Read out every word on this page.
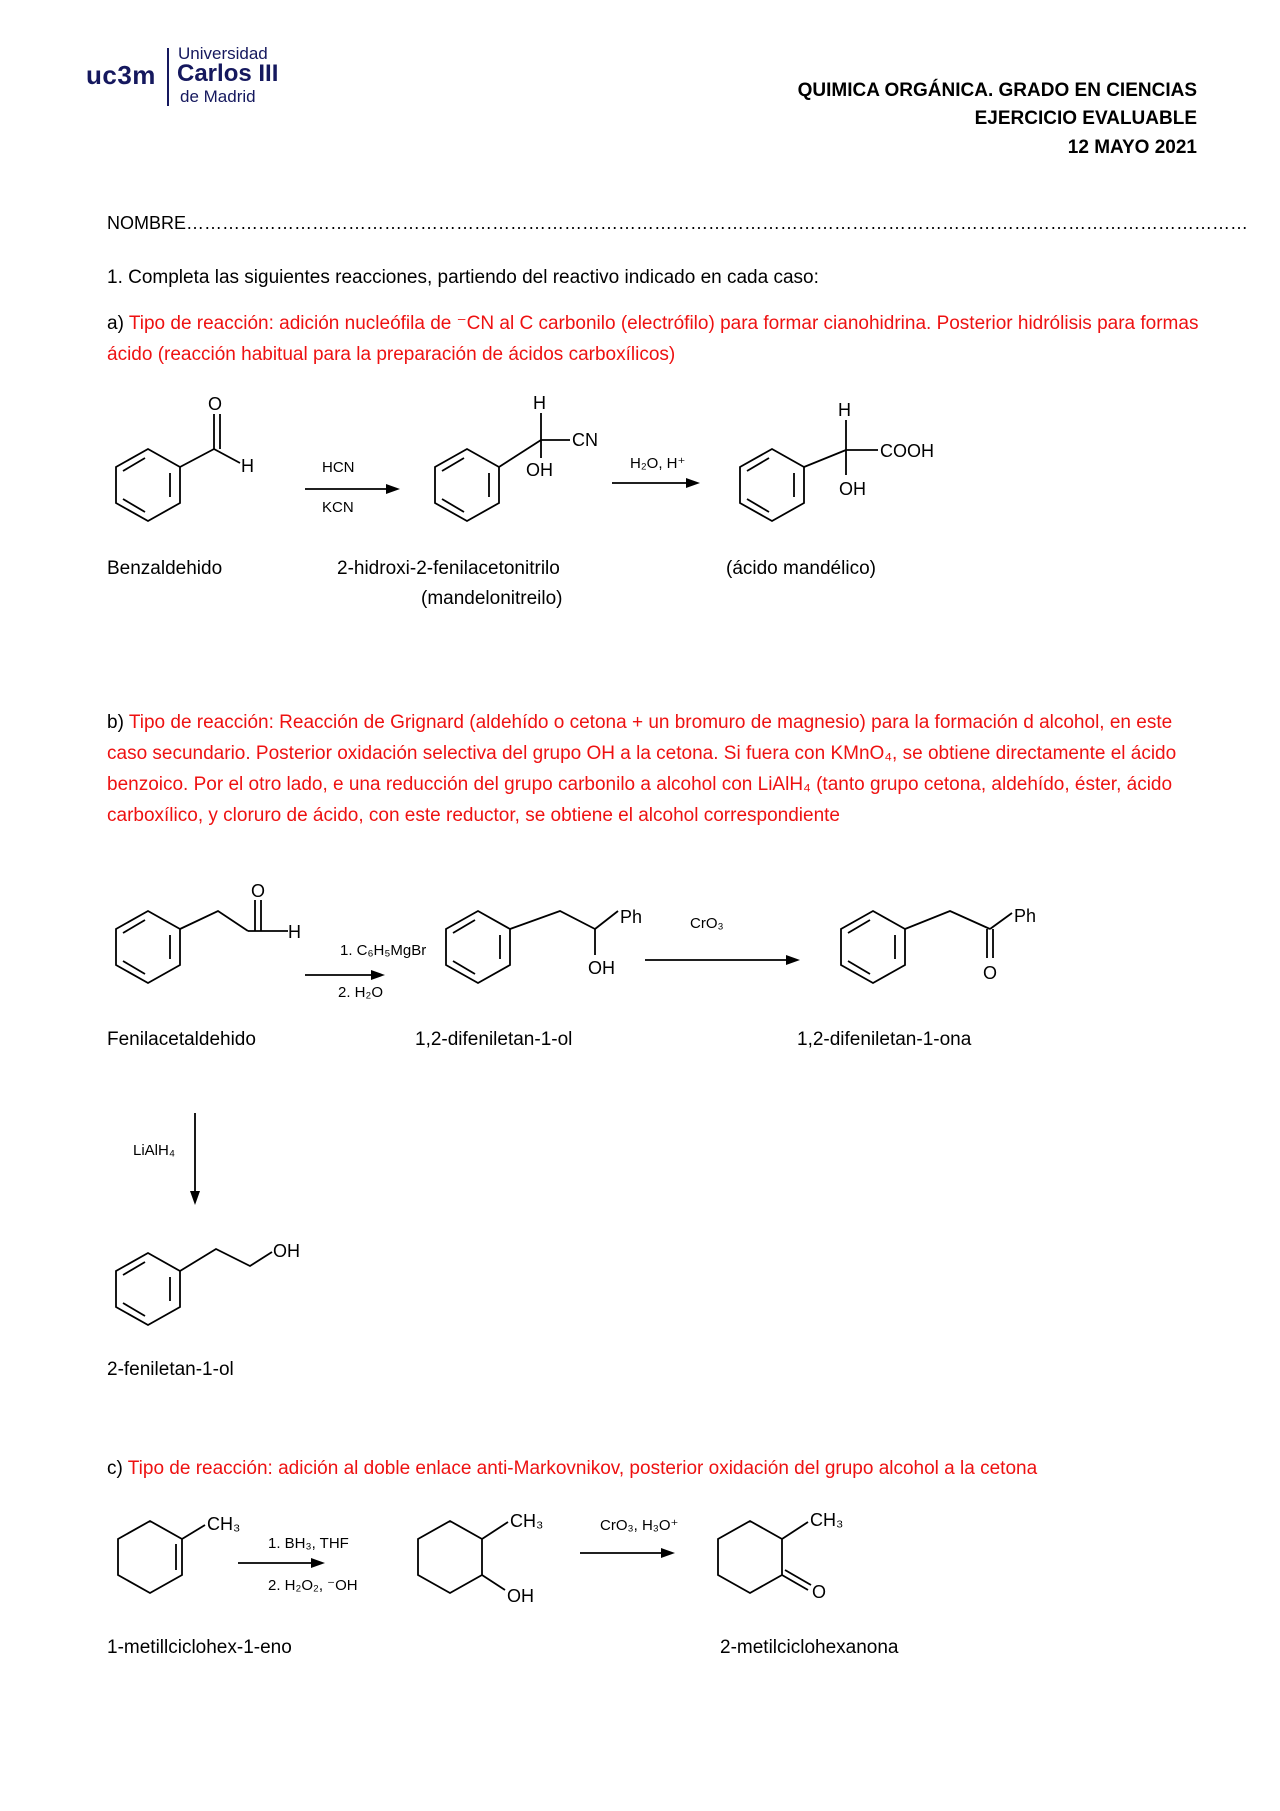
uc3m
Universidad
Carlos III
de Madrid	QUIMICA ORGÁNICA. GRADO EN CIENCIAS
EJERCICIO EVALUABLE
12 MAYO 2021
NOMBRE……………………………………………………………………………………………………………………………………………………………
1. Completa las siguientes reacciones, partiendo del reactivo indicado en cada caso:
a) Tipo de reacción: adición nucleófila de ⁻CN al C carbonilo (electrófilo) para formar cianohidrina. Posterior hidrólisis para formas ácido (reacción habitual para la preparación de ácidos carboxílicos)
O
H	HCN
KCN
H
CN
OH	H₂O, H⁺
H
COOH
OH
Benzaldehido	2-hidroxi-2-fenilacetonitrilo
(mandelonitreilo)
(ácido mandélico)
b) Tipo de reacción: Reacción de Grignard (aldehído o cetona + un bromuro de magnesio) para la formación d alcohol, en este caso secundario. Posterior oxidación selectiva del grupo OH a la cetona. Si fuera con KMnO₄, se obtiene directamente el ácido benzoico. Por el otro lado, e una reducción del grupo carbonilo a alcohol con LiAlH₄ (tanto grupo cetona, aldehído, éster, ácido carboxílico, y cloruro de ácido, con este reductor, se obtiene el alcohol correspondiente
O
H
1. C₆H₅MgBr
2. H₂O
Ph
OH
CrO₃	Ph
O
LiAlH₄
OH
Fenilacetaldehido	1,2-difeniletan-1-ol	1,2-difeniletan-1-ona
2-feniletan-1-ol
c) Tipo de reacción: adición al doble enlace anti-Markovnikov, posterior oxidación del grupo alcohol a la cetona
CH₃
1. BH₃, THF
2. H₂O₂, ⁻OH
CH₃
OH
CrO₃, H₃O⁺	CH₃
O
1-metillciclohex-1-eno	2-metilciclohexanona
